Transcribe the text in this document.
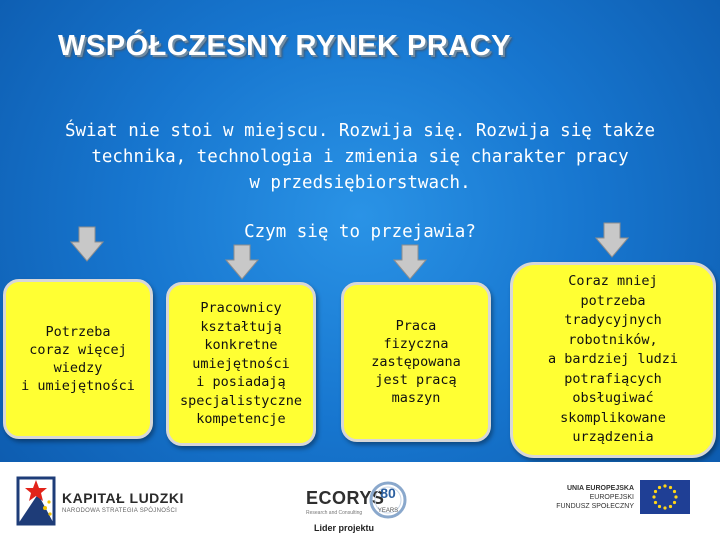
WSPÓŁCZESNY RYNEK PRACY
Świat nie stoi w miejscu. Rozwija się. Rozwija się także
technika, technologia i zmienia się charakter pracy
w przedsiębiorstwach.
Czym się to przejawia?
Potrzeba
coraz więcej
wiedzy
i umiejętności
Pracownicy
kształtują
konkretne
umiejętności
i posiadają
specjalistyczne
kompetencje
Praca
fizyczna
zastępowana
jest pracą
maszyn
Coraz mniej
potrzeba
tradycyjnych
robotników,
a bardziej ludzi
potrafiących
obsługiwać
skomplikowane
urządzenia
KAPITAŁ LUDZKI
NARODOWA STRATEGIA SPÓJNOŚCI
ECORYS
Research and Consulting
80
YEARS
Lider projektu
UNIA EUROPEJSKA
EUROPEJSKI
FUNDUSZ SPOŁECZNY
